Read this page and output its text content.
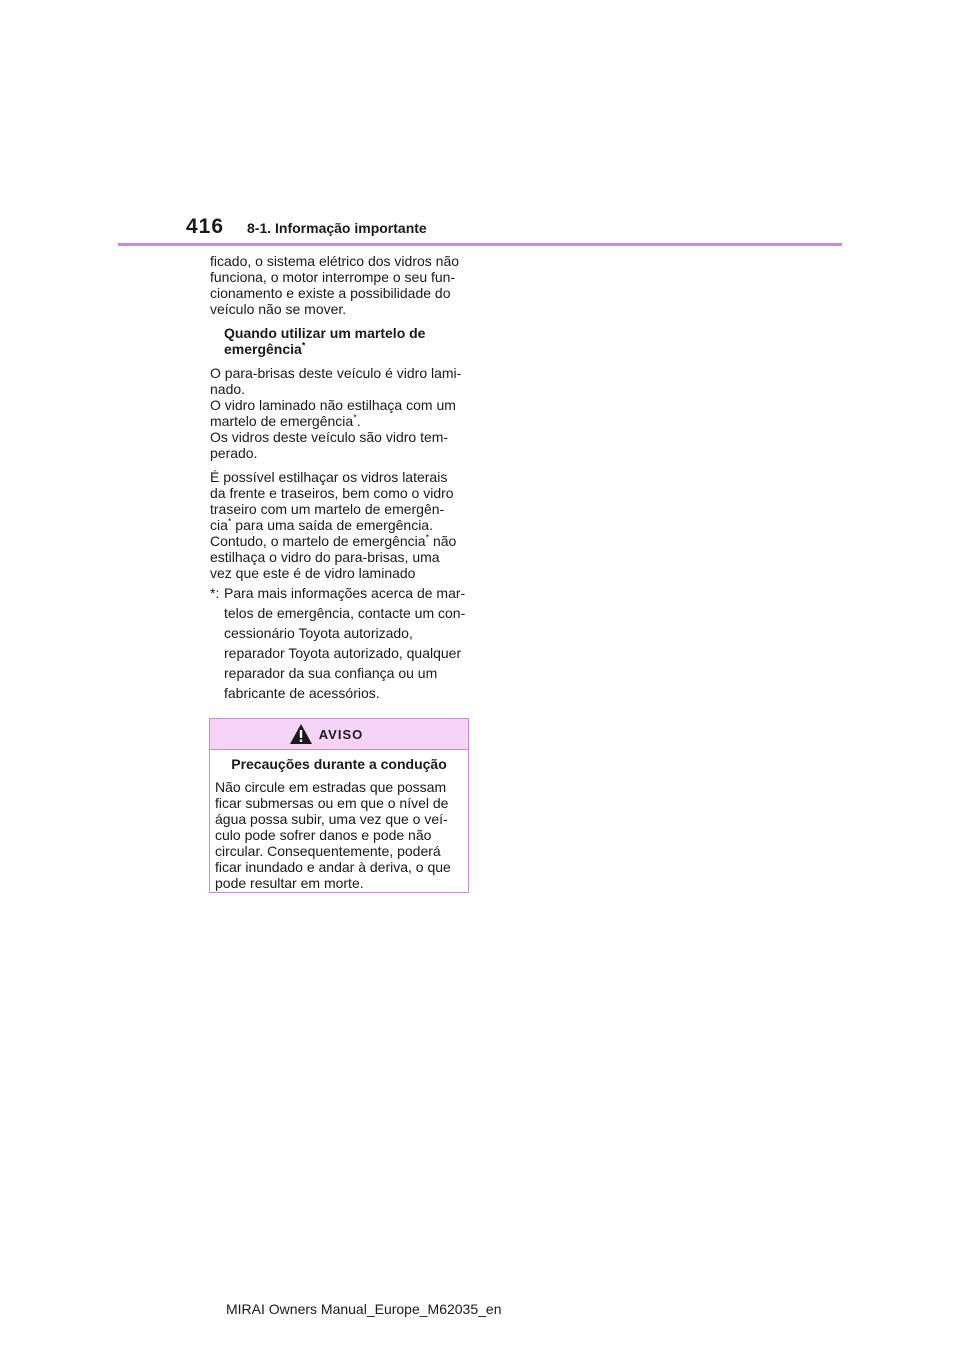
416 8-1. Informação importante

ficado, o sistema elétrico dos vidros não
funciona, o motor interrompe o seu fun-
cionamento e existe a possibilidade do
veículo não se mover.

Quando utilizar um martelo de
emergência*

O para-brisas deste veículo é vidro lami-
nado.
O vidro laminado não estilhaça com um
martelo de emergência*.
Os vidros deste veículo são vidro tem-
perado.

É possível estilhaçar os vidros laterais
da frente e traseiros, bem como o vidro
traseiro com um martelo de emergên-
cia* para uma saída de emergência.
Contudo, o martelo de emergência* não
estilhaça o vidro do para-brisas, uma
vez que este é de vidro laminado

*: Para mais informações acerca de mar-
telos de emergência, contacte um con-
cessionário Toyota autorizado,
reparador Toyota autorizado, qualquer
reparador da sua confiança ou um
fabricante de acessórios.
AVISO
Precauções durante a condução
Não circule em estradas que possam
ficar submersas ou em que o nível de
água possa subir, uma vez que o veí-
culo pode sofrer danos e pode não
circular. Consequentemente, poderá
ficar inundado e andar à deriva, o que
pode resultar em morte.
MIRAI Owners Manual_Europe_M62035_en
